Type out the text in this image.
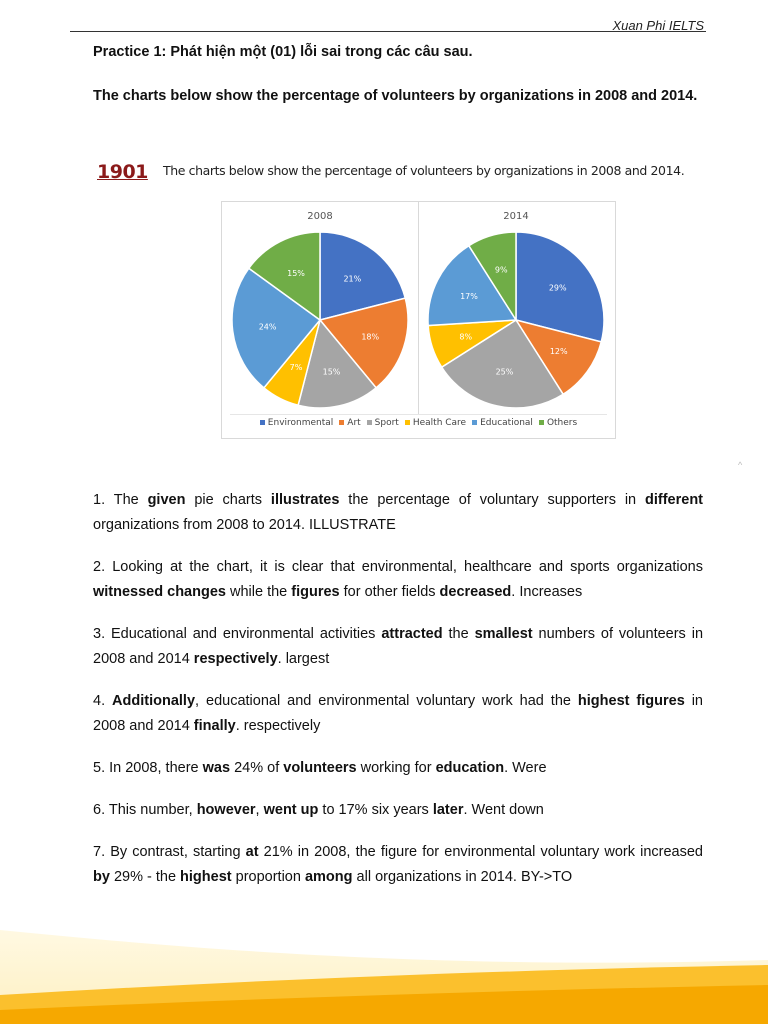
Xuan Phi IELTS
Practice 1: Phát hiện một (01) lỗi sai trong các câu sau.
The charts below show the percentage of volunteers by organizations in 2008 and 2014.
1901 The charts below show the percentage of volunteers by organizations in 2008 and 2014.
2008
21%
18%
15%
7%
24%
15%
2014
29%
12%
25%
8%
17%
9%
Environmental Art Sport Health Care Educational Others
^
1. The given pie charts illustrates the percentage of voluntary supporters in different organizations from 2008 to 2014. ILLUSTRATE
2. Looking at the chart, it is clear that environmental, healthcare and sports organizations witnessed changes while the figures for other fields decreased. Increases
3. Educational and environmental activities attracted the smallest numbers of volunteers in 2008 and 2014 respectively. largest
4. Additionally, educational and environmental voluntary work had the highest figures in 2008 and 2014 finally. respectively
5. In 2008, there was 24% of volunteers working for education. Were
6. This number, however, went up to 17% six years later. Went down
7. By contrast, starting at 21% in 2008, the figure for environmental voluntary work increased by 29% - the highest proportion among all organizations in 2014. BY->TO
